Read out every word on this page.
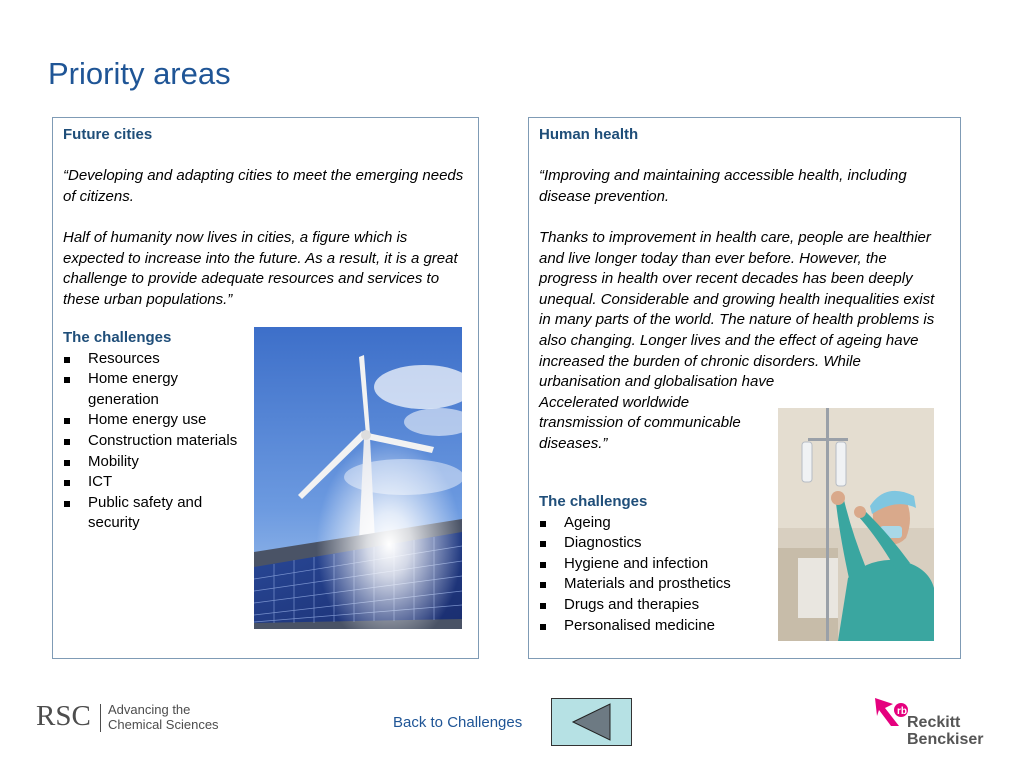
Priority areas

Future cities

“Developing and adapting cities to meet the emerging needs of citizens.

Half of humanity now lives in cities, a figure which is expected to increase into the future. As a result, it is a great challenge to provide adequate resources and services to these urban populations.”

The challenges

Resources
Home energy generation
Home energy use
Construction materials
Mobility
ICT
Public safety and security

Human health

“Improving and maintaining accessible health, including disease prevention.

Thanks to improvement in health care, people are healthier and live longer today than ever before. However, the progress in health over recent decades has been deeply unequal. Considerable and growing health inequalities exist in many parts of the world. The nature of health problems is also changing. Longer lives and the effect of ageing have increased the burden of chronic disorders. While urbanisation and globalisation have

Accelerated worldwide transmission of communicable diseases.”

The challenges

Ageing
Diagnostics
Hygiene and infection
Materials and prosthetics
Drugs and therapies
Personalised medicine
RSC Advancing the
Chemical Sciences	Back to Challenges
rb
Reckitt
Benckiser
